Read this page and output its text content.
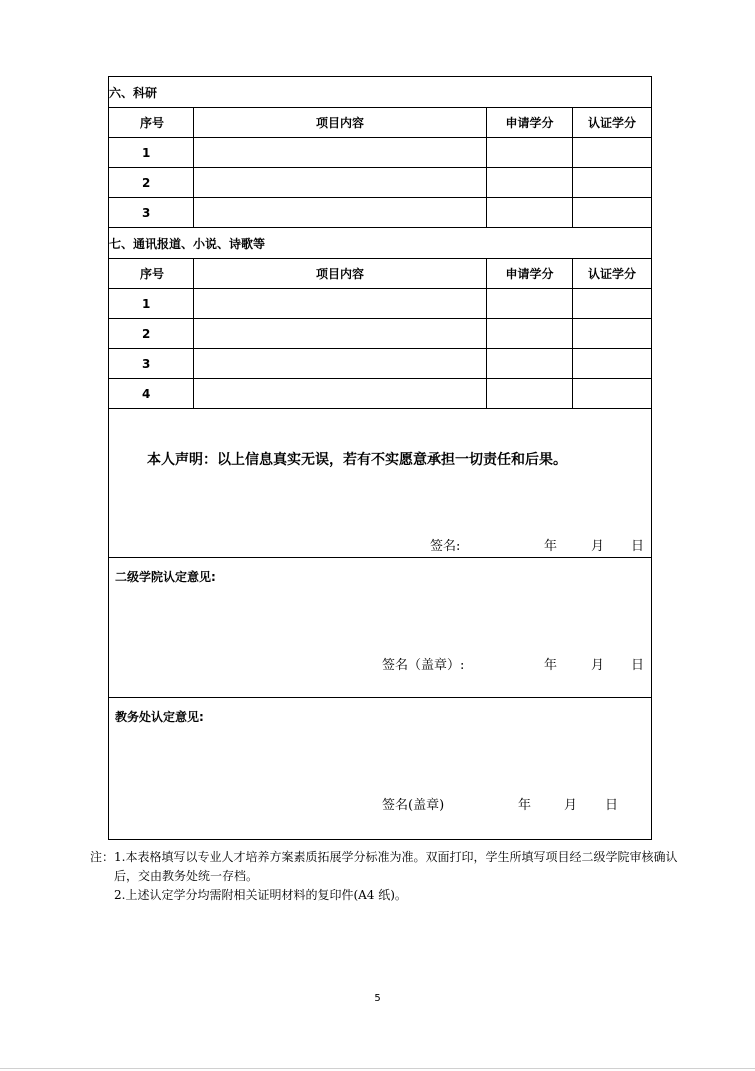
六、科研			
序号	项目内容	申请学分	认证学分
1			
2			
3			
七、通讯报道、小说、诗歌等			
序号	项目内容	申请学分	认证学分
1			
2			
3			
4			

本人声明：以上信息真实无误，若有不实愿意承担一切责任和后果。
签名: 年 月 日			

二级学院认定意见:
签名（盖章）: 年 月 日			

教务处认定意见:
签名(盖章) 年 月 日			

注：1.本表格填写以专业人才培养方案素质拓展学分标准为准。双面打印，学生所填写项目经二级学院审核确认后，交由教务处统一存档。

2.上述认定学分均需附相关证明材料的复印件(A4 纸)。

5
